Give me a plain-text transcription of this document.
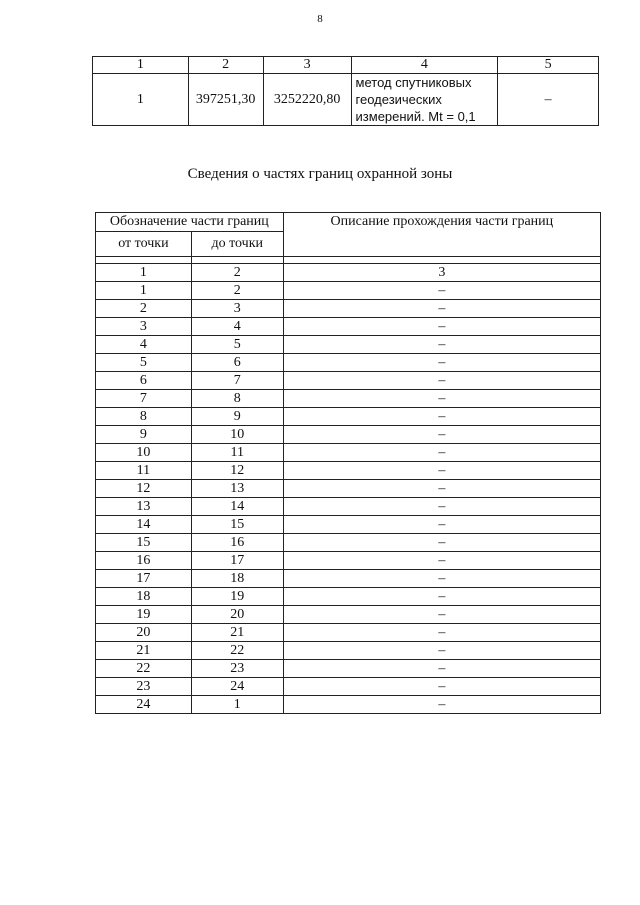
8
1	2	3	4	5
1	397251,30	3252220,80	метод спутниковых
геодезических
измерений. Mt = 0,1	–
Сведения о частях границ охранной зоны
Обозначение части границ		Описание прохождения части границ
от точки	до точки	

1	2	3
1	2	–
2	3	–
3	4	–
4	5	–
5	6	–
6	7	–
7	8	–
8	9	–
9	10	–
10	11	–
11	12	–
12	13	–
13	14	–
14	15	–
15	16	–
16	17	–
17	18	–
18	19	–
19	20	–
20	21	–
21	22	–
22	23	–
23	24	–
24	1	–
